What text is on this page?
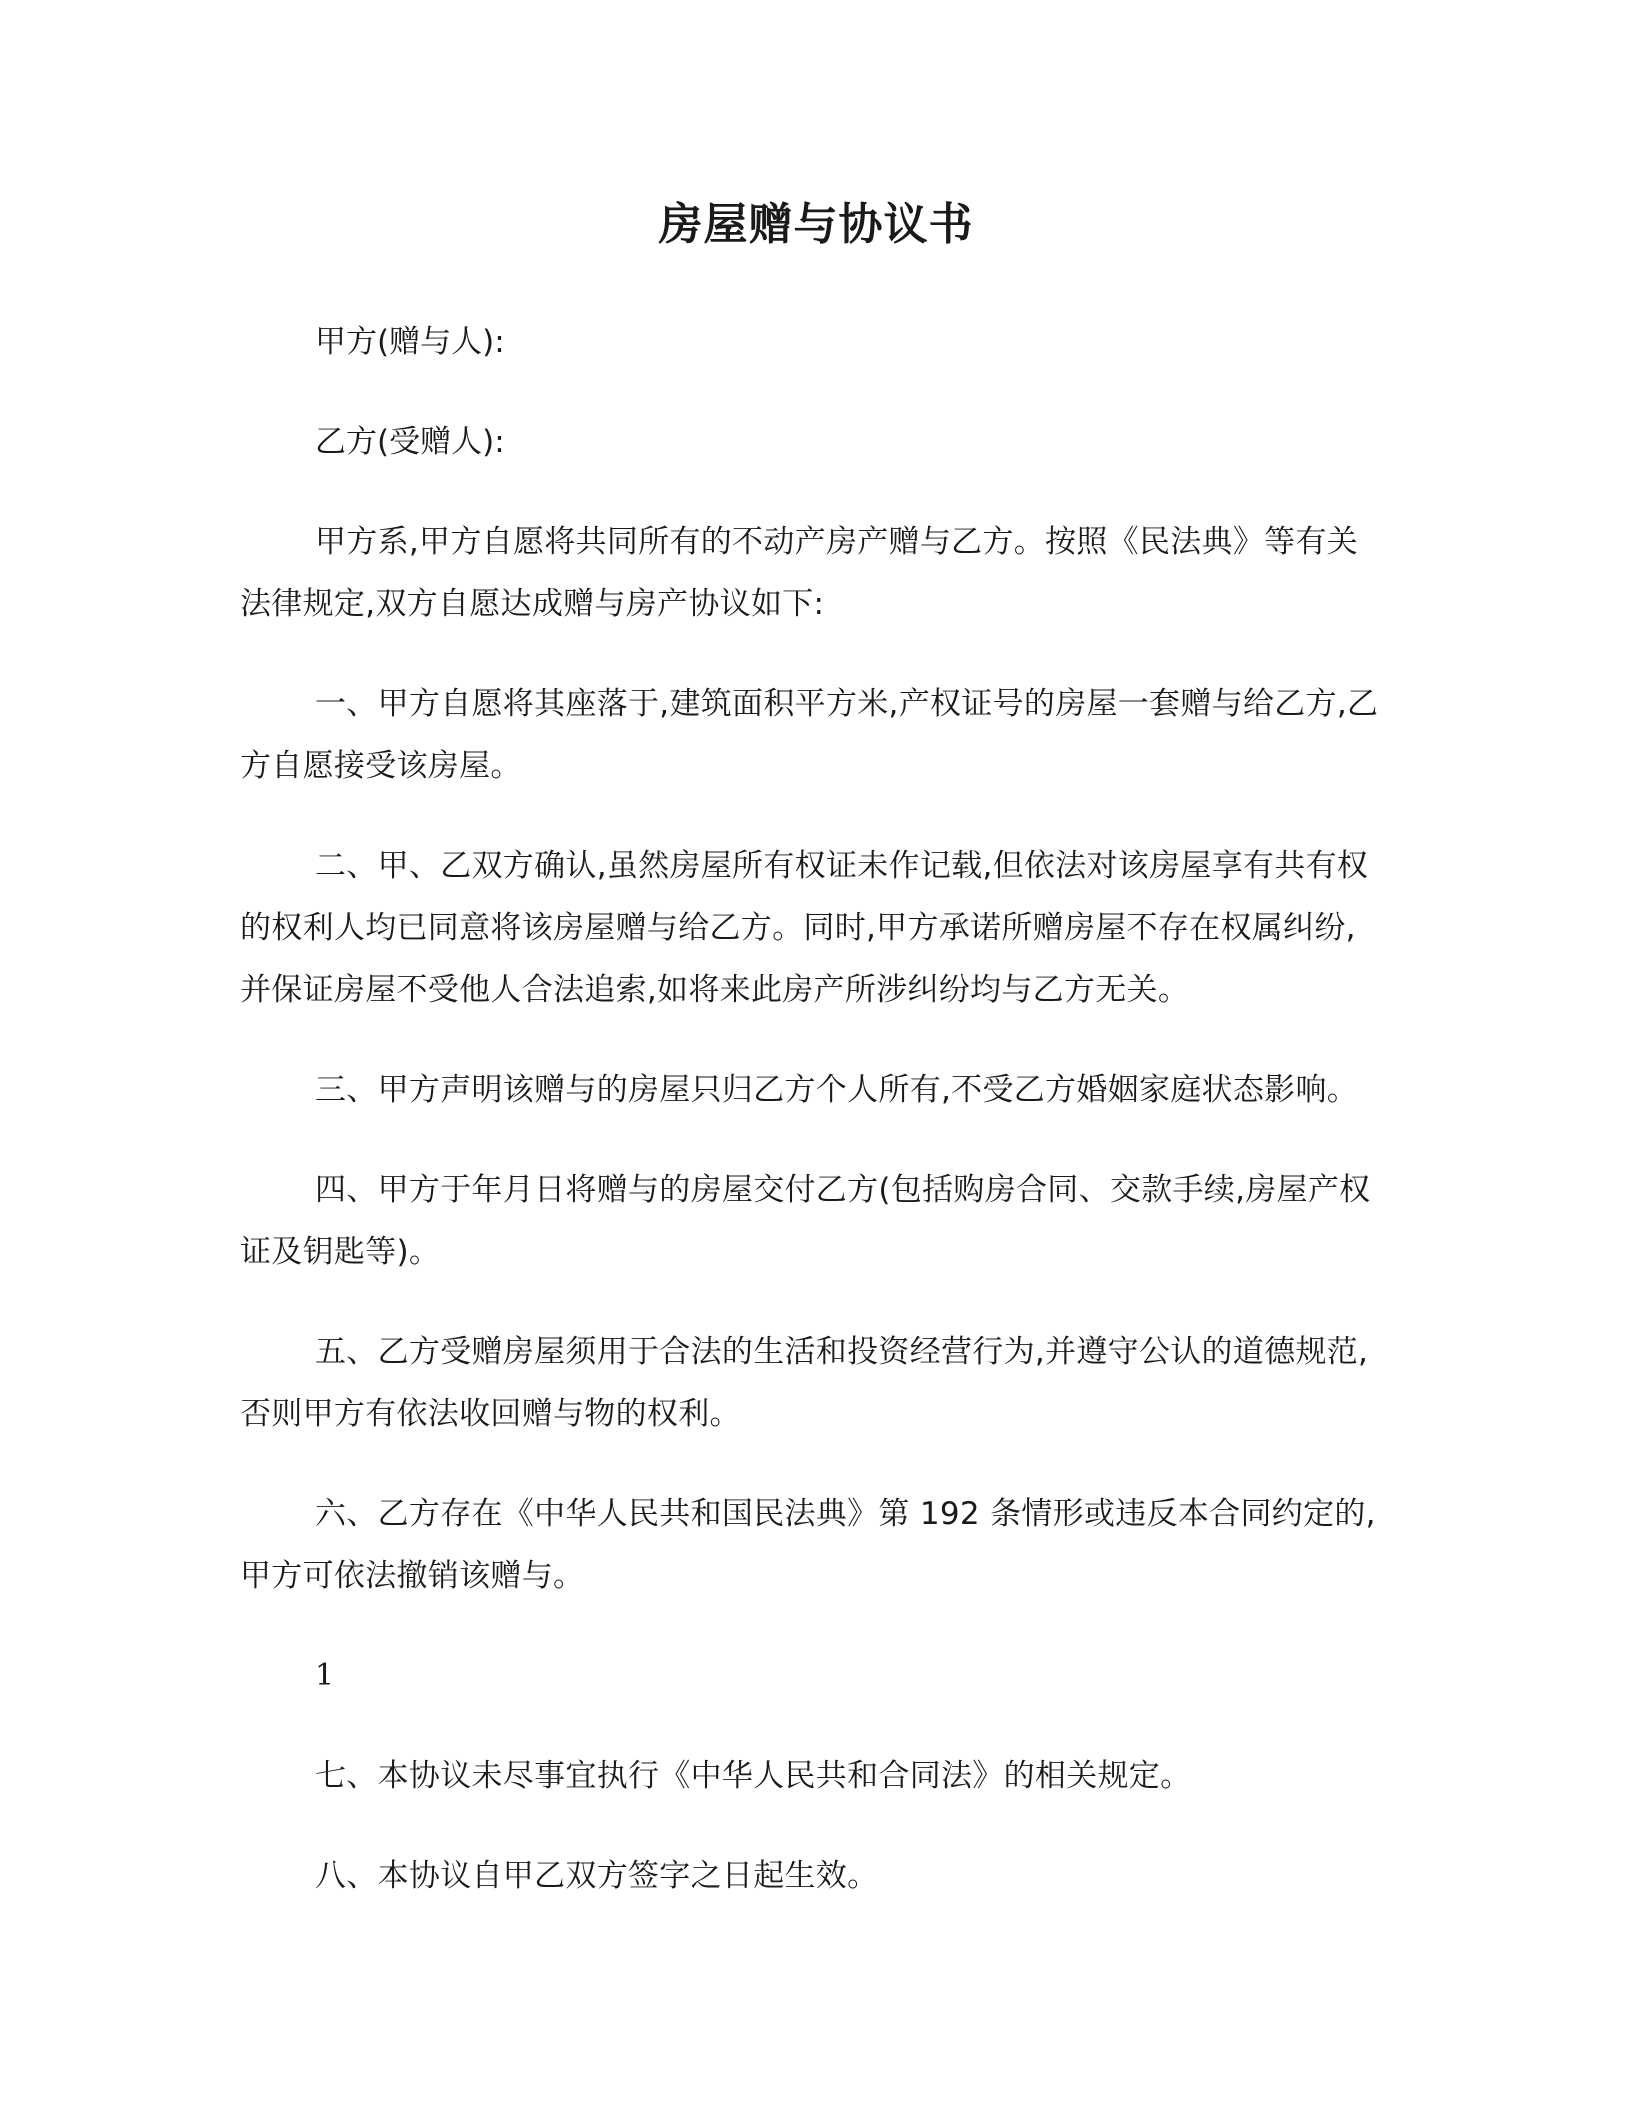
房屋赠与协议书
甲方(赠与人):
乙方(受赠人):
甲方系,甲方自愿将共同所有的不动产房产赠与乙方。按照《民法典》等有关法律规定,双方自愿达成赠与房产协议如下:
一、甲方自愿将其座落于,建筑面积平方米,产权证号的房屋一套赠与给乙方,乙方自愿接受该房屋。
二、甲、乙双方确认,虽然房屋所有权证未作记载,但依法对该房屋享有共有权的权利人均已同意将该房屋赠与给乙方。同时,甲方承诺所赠房屋不存在权属纠纷,并保证房屋不受他人合法追索,如将来此房产所涉纠纷均与乙方无关。
三、甲方声明该赠与的房屋只归乙方个人所有,不受乙方婚姻家庭状态影响。
四、甲方于年月日将赠与的房屋交付乙方(包括购房合同、交款手续,房屋产权证及钥匙等)。
五、乙方受赠房屋须用于合法的生活和投资经营行为,并遵守公认的道德规范,否则甲方有依法收回赠与物的权利。
六、乙方存在《中华人民共和国民法典》第 192 条情形或违反本合同约定的,甲方可依法撤销该赠与。
1
七、本协议未尽事宜执行《中华人民共和合同法》的相关规定。
八、本协议自甲乙双方签字之日起生效。
